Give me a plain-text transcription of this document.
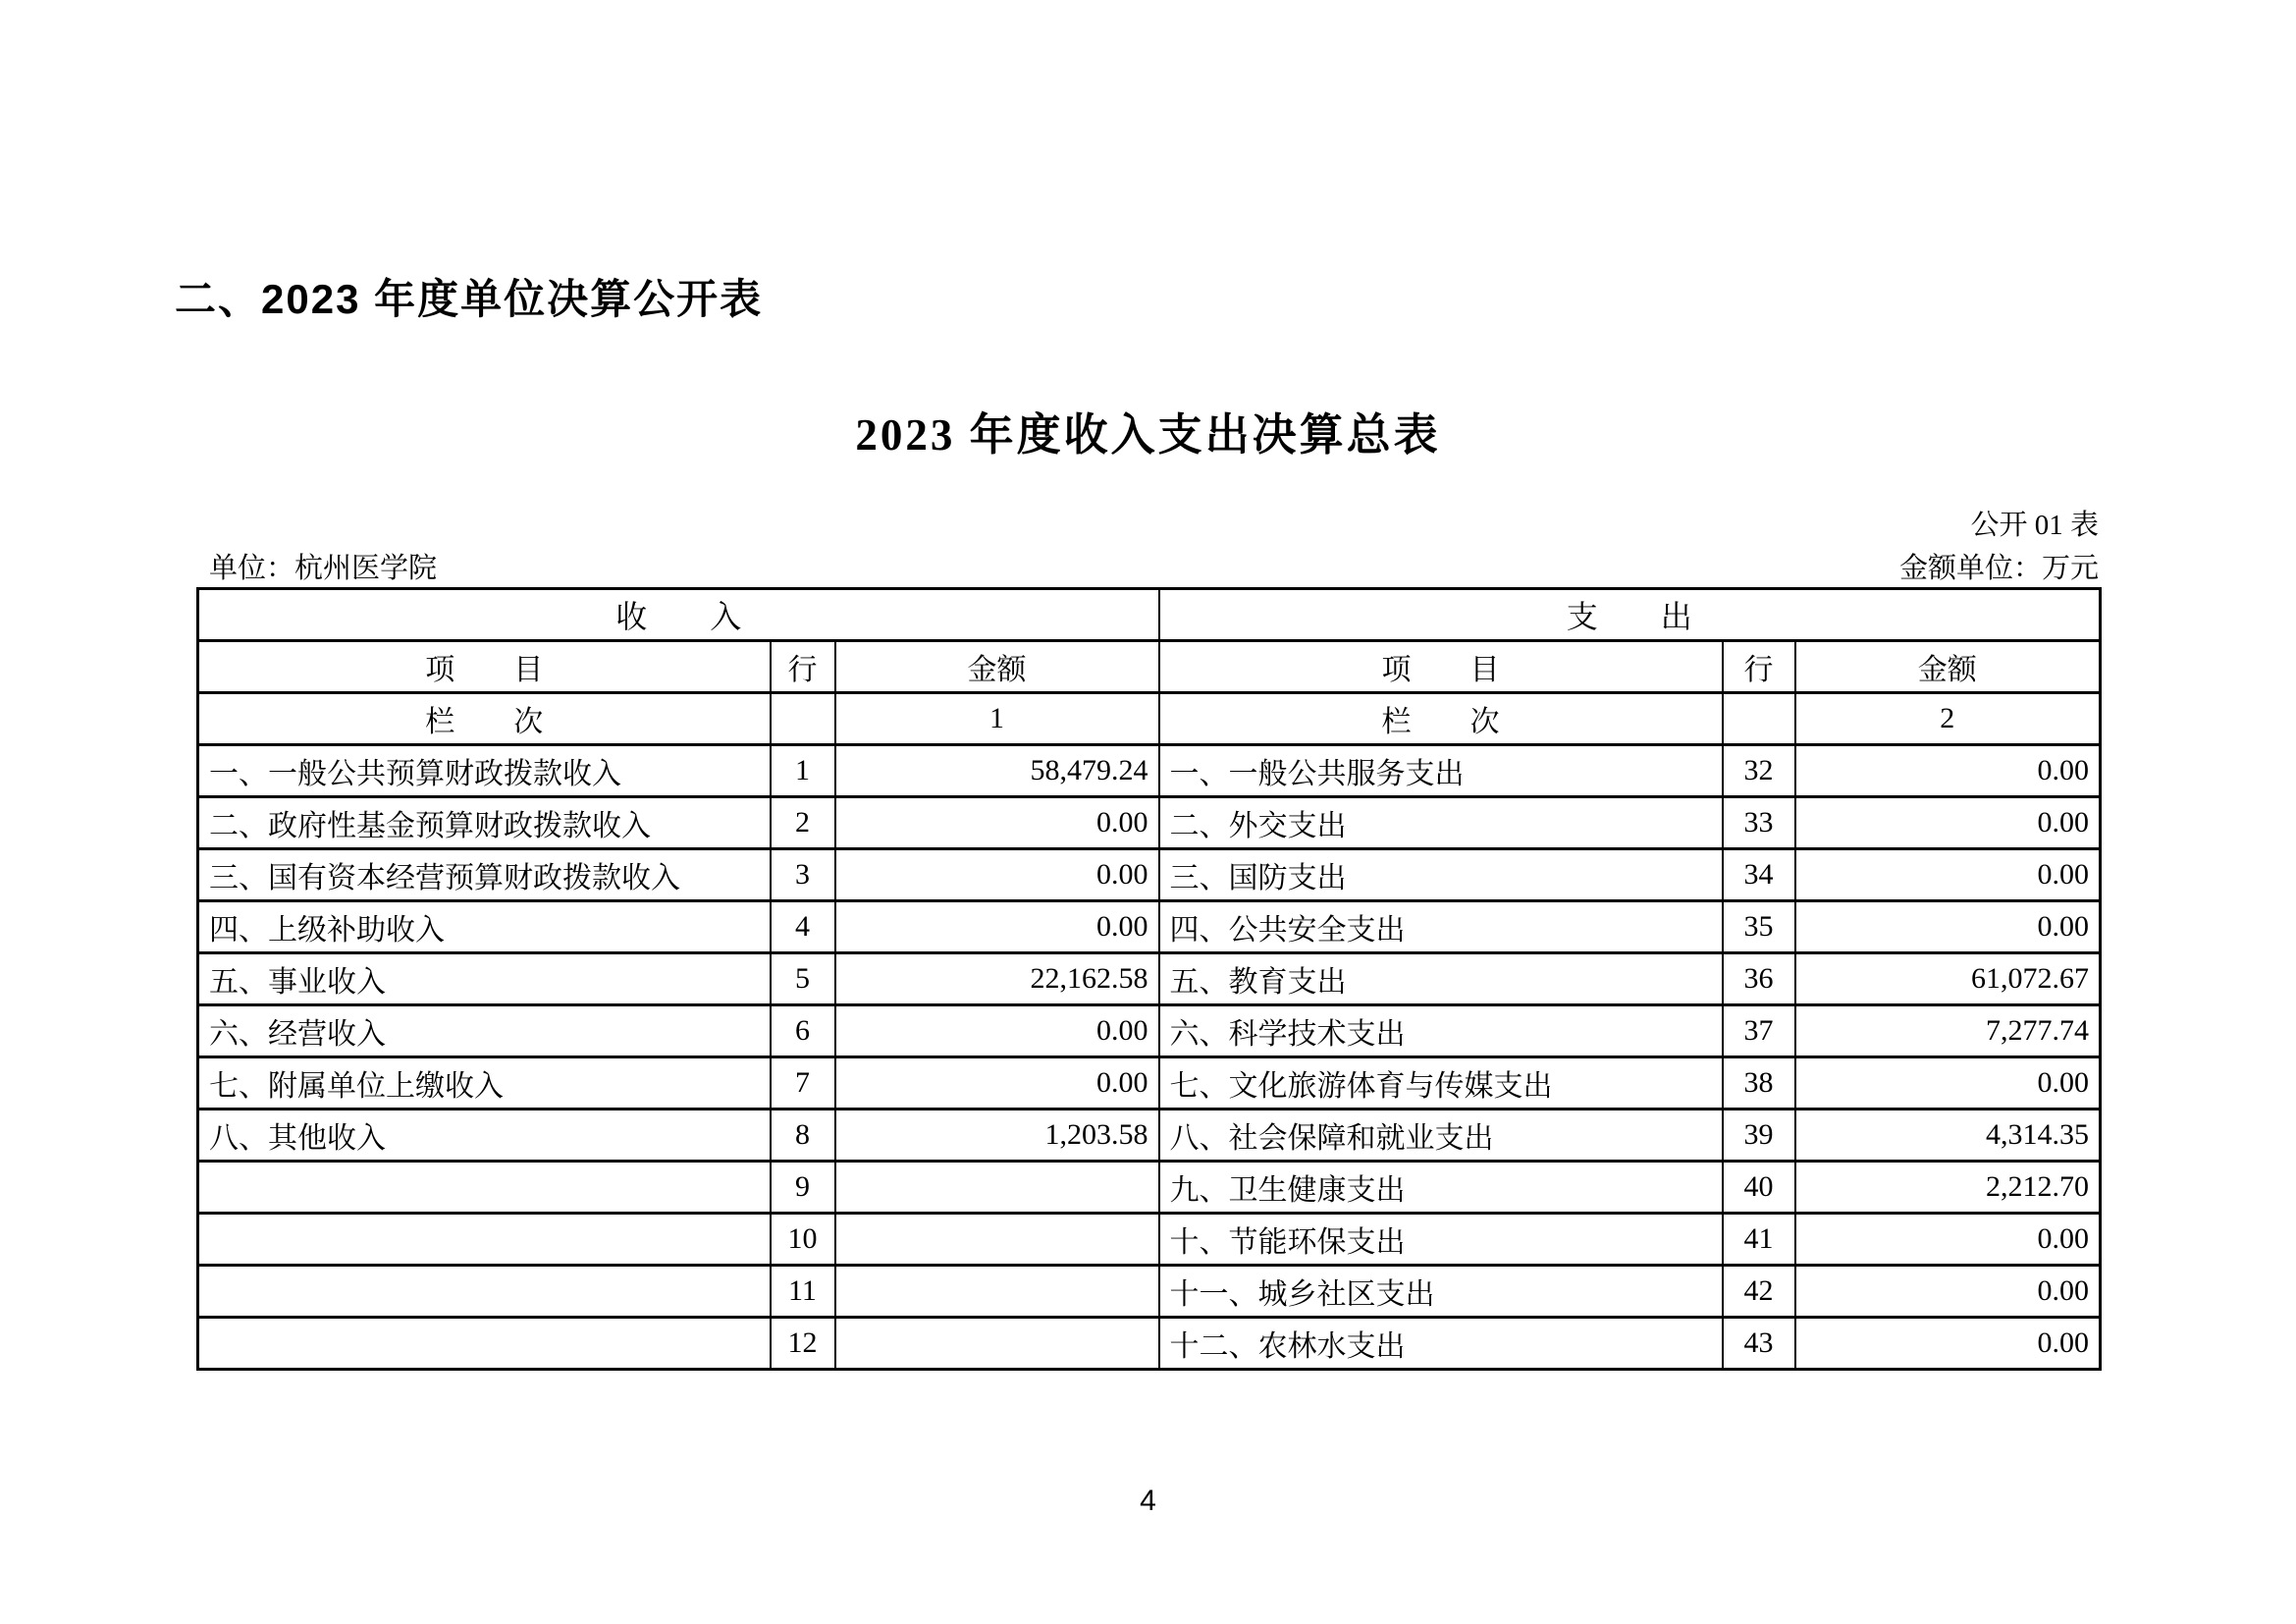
二、2023 年度单位决算公开表
2023 年度收入支出决算总表
公开 01 表
单位：杭州医学院	金额单位：万元
收　　入			支　　出		
项　　目	行	金额	项　　目	行	金额
栏　　次		1	栏　　次		2
一、一般公共预算财政拨款收入	1	58,479.24	一、一般公共服务支出	32	0.00
二、政府性基金预算财政拨款收入	2	0.00	二、外交支出	33	0.00
三、国有资本经营预算财政拨款收入	3	0.00	三、国防支出	34	0.00
四、上级补助收入	4	0.00	四、公共安全支出	35	0.00
五、事业收入	5	22,162.58	五、教育支出	36	61,072.67
六、经营收入	6	0.00	六、科学技术支出	37	7,277.74
七、附属单位上缴收入	7	0.00	七、文化旅游体育与传媒支出	38	0.00
八、其他收入	8	1,203.58	八、社会保障和就业支出	39	4,314.35
	9		九、卫生健康支出	40	2,212.70
	10		十、节能环保支出	41	0.00
	11		十一、城乡社区支出	42	0.00
	12		十二、农林水支出	43	0.00
4
